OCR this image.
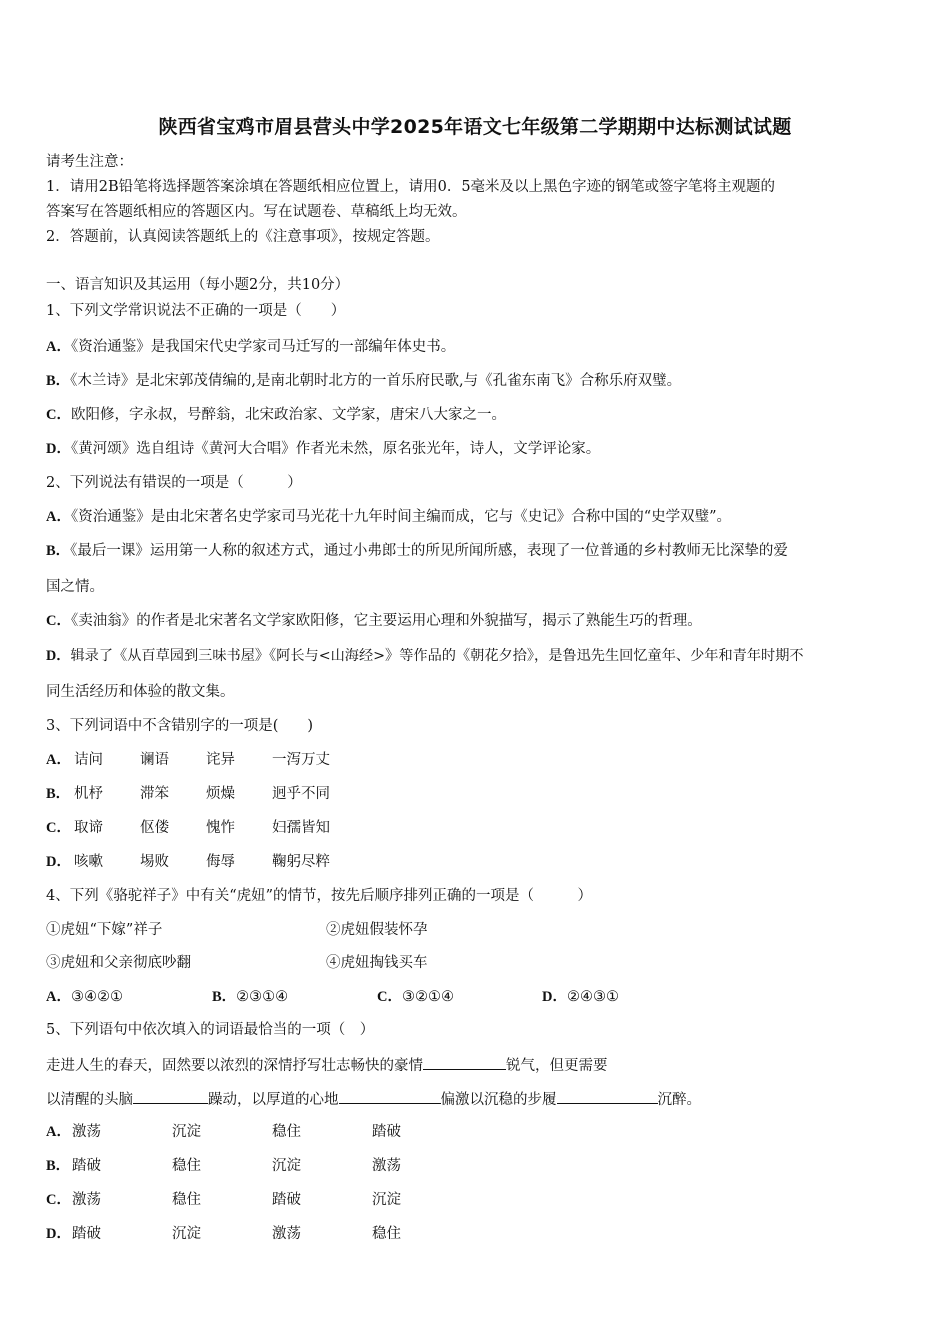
陕西省宝鸡市眉县营头中学2025年语文七年级第二学期期中达标测试试题
请考生注意：
1．请用2B铅笔将选择题答案涂填在答题纸相应位置上，请用0．5毫米及以上黑色字迹的钢笔或签字笔将主观题的
答案写在答题纸相应的答题区内。写在试题卷、草稿纸上均无效。
2．答题前，认真阅读答题纸上的《注意事项》，按规定答题。
一、语言知识及其运用（每小题2分，共10分）
1、下列文学常识说法不正确的一项是（　　）
A．《资治通鉴》是我国宋代史学家司马迁写的一部编年体史书。
B．《木兰诗》是北宋郭茂倩编的,是南北朝时北方的一首乐府民歌,与《孔雀东南飞》合称乐府双璧。
C．欧阳修，字永叔，号醉翁，北宋政治家、文学家，唐宋八大家之一。
D．《黄河颂》选自组诗《黄河大合唱》作者光未然，原名张光年，诗人，文学评论家。
2、下列说法有错误的一项是（　　　）
A．《资治通鉴》是由北宋著名史学家司马光花十九年时间主编而成，它与《史记》合称中国的“史学双璧”。
B．《最后一课》运用第一人称的叙述方式，通过小弗郎士的所见所闻所感，表现了一位普通的乡村教师无比深挚的爱
国之情。
C．《卖油翁》的作者是北宋著名文学家欧阳修，它主要运用心理和外貌描写，揭示了熟能生巧的哲理。
D．辑录了《从百草园到三味书屋》《阿长与<山海经>》等作品的《朝花夕拾》，是鲁迅先生回忆童年、少年和青年时期不
同生活经历和体验的散文集。
3、下列词语中不含错别字的一项是(　　)
A． 诘问	谰语	诧异	一泻万丈
B． 机杼	滞笨	烦燥	迥乎不同
C． 取谛	伛偻	愧怍	妇孺皆知
D． 咳嗽	埸败	侮辱	鞠躬尽粹
4、下列《骆驼祥子》中有关“虎妞”的情节，按先后顺序排列正确的一项是（　　　）
①虎妞“下嫁”祥子	②虎妞假装怀孕
③虎妞和父亲彻底吵翻	④虎妞掏钱买车
A．③④②①	B．②③①④	C．③②①④	D．②④③①
5、下列语句中依次填入的词语最恰当的一项（　）
走进人生的春天，固然要以浓烈的深情抒写壮志畅快的豪情	锐气，但更需要
以清醒的头脑	躁动，以厚道的心地	偏激以沉稳的步履	沉醉。
A．激荡	沉淀	稳住	踏破
B． 踏破	稳住	沉淀	激荡
C．激荡	稳住	踏破	沉淀
D．踏破	沉淀	激荡	稳住
